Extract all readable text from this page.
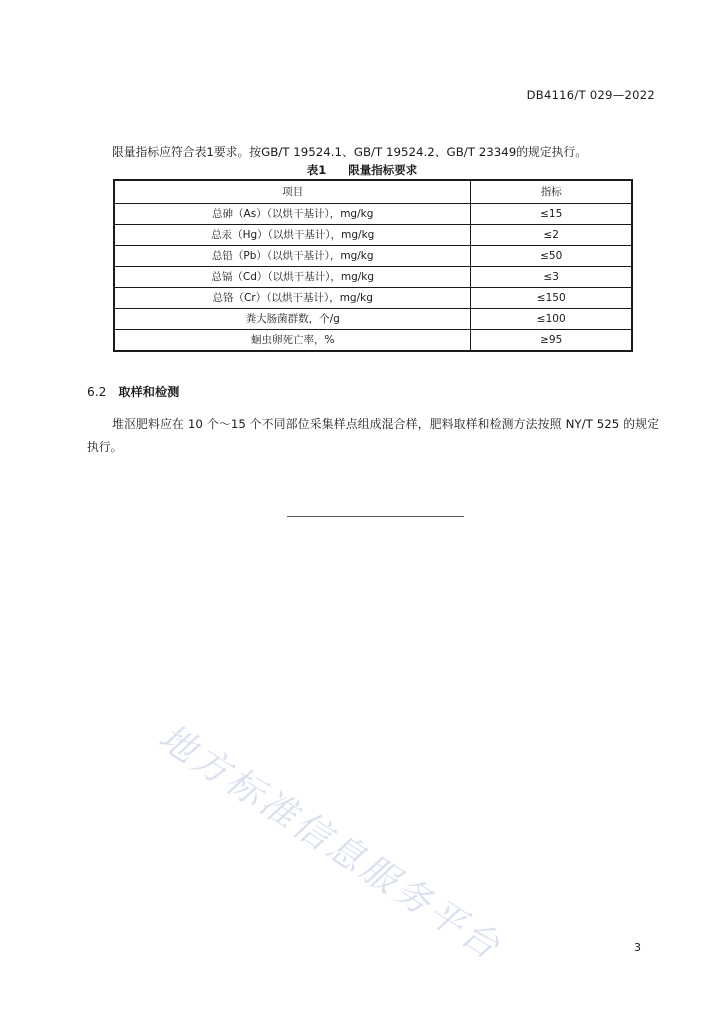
DB4116/T 029—2022
限量指标应符合表1要求。按GB/T 19524.1、GB/T 19524.2、GB/T 23349的规定执行。
表1 限量指标要求
项目	指标
总砷（As）（以烘干基计），mg/kg	≤15
总汞（Hg）（以烘干基计），mg/kg	≤2
总铅（Pb）（以烘干基计），mg/kg	≤50
总镉（Cd）（以烘干基计），mg/kg	≤3
总铬（Cr）（以烘干基计），mg/kg	≤150
粪大肠菌群数，个/g	≤100
蛔虫卵死亡率，%	≥95
6.2 取样和检测
堆沤肥料应在 10 个～15 个不同部位采集样点组成混合样，肥料取样和检测方法按照 NY/T 525 的规定执行。
地方标准信息服务平台	3
